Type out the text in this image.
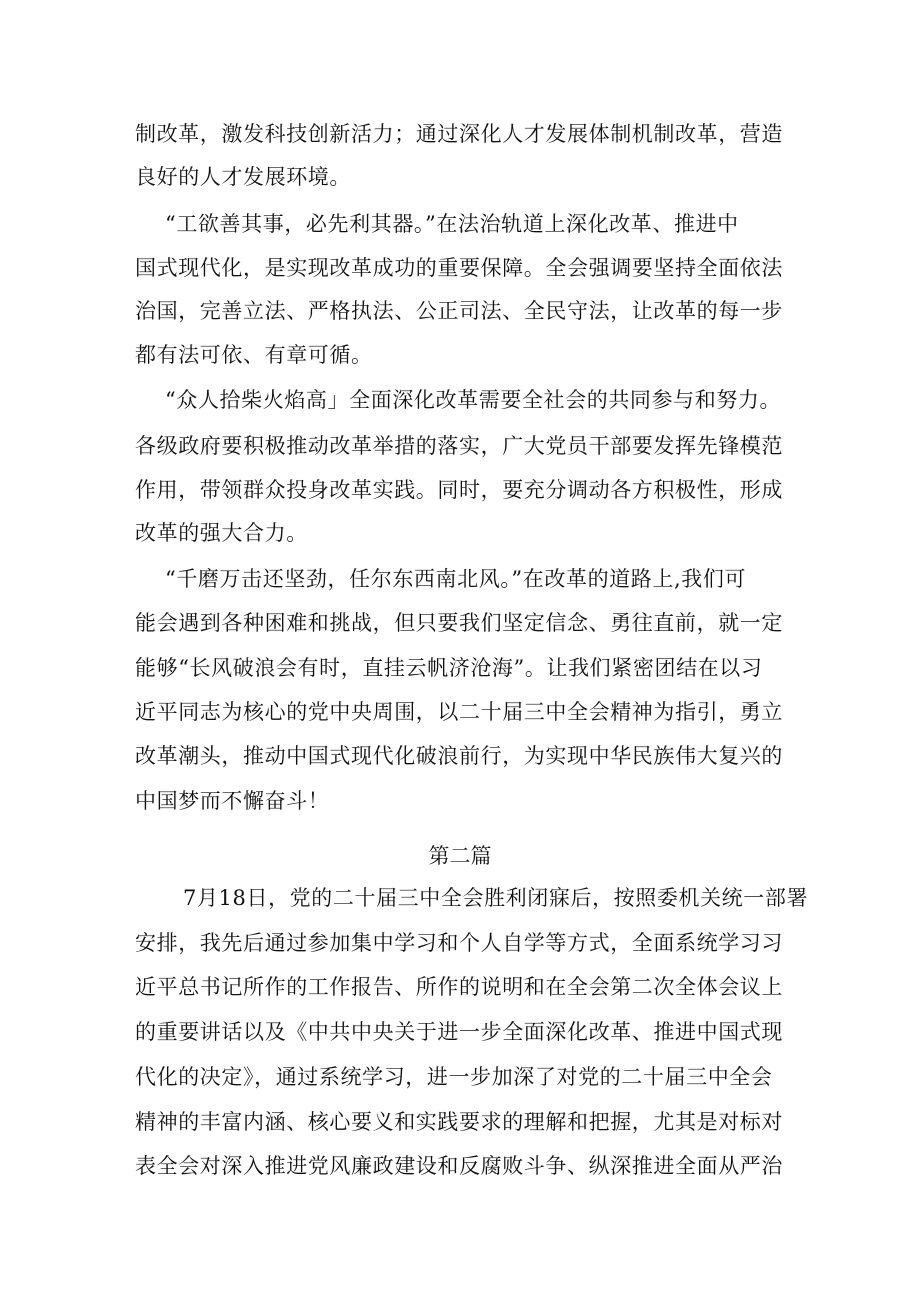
制改革，激发科技创新活力；通过深化人才发展体制机制改革，营造
良好的人才发展环境。
“工欲善其事，必先利其器。”在法治轨道上深化改革、推进中
国式现代化，是实现改革成功的重要保障。全会强调要坚持全面依法
治国，完善立法、严格执法、公正司法、全民守法，让改革的每一步
都有法可依、有章可循。
“众人拾柴火焰高」全面深化改革需要全社会的共同参与和努力。
各级政府要积极推动改革举措的落实，广大党员干部要发挥先锋模范
作用，带领群众投身改革实践。同时，要充分调动各方积极性，形成
改革的强大合力。
“千磨万击还坚劲，任尔东西南北风。”在改革的道路上,我们可
能会遇到各种困难和挑战，但只要我们坚定信念、勇往直前，就一定
能够“长风破浪会有时，直挂云帆济沧海”。让我们紧密团结在以习
近平同志为核心的党中央周围，以二十届三中全会精神为指引，勇立
改革潮头，推动中国式现代化破浪前行，为实现中华民族伟大复兴的
中国梦而不懈奋斗！
第二篇
7月18日，党的二十届三中全会胜利闭寐后，按照委机关统一部署
安排，我先后通过参加集中学习和个人自学等方式，全面系统学习习
近平总书记所作的工作报告、所作的说明和在全会第二次全体会议上
的重要讲话以及《中共中央关于进一步全面深化改革、推进中国式现
代化的决定》，通过系统学习，进一步加深了对党的二十届三中全会
精神的丰富内涵、核心要义和实践要求的理解和把握，尤其是对标对
表全会对深入推进党风廉政建设和反腐败斗争、纵深推进全面从严治
